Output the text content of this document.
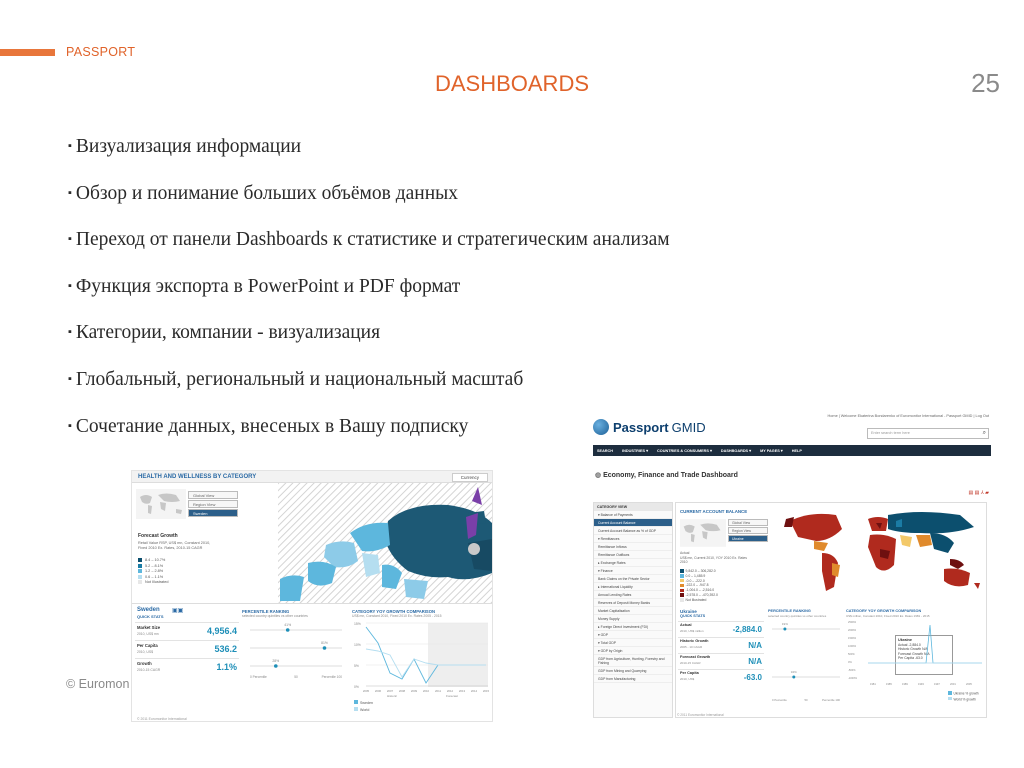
PASSPORT
DASHBOARDS	25
▪ Визуализация информации
▪ Обзор и понимание больших объёмов данных
▪ Переход от панели Dashboards к статистике и стратегическим анализам
▪ Функция экспорта в PowerPoint и PDF формат
▪ Категории, компании - визуализация
▪ Глобальный, региональный и национальный масштаб
▪ Сочетание данных, внесеных в Вашу подписку
© Euromon
HEALTH AND WELLNESS BY CATEGORY	Currency
Global View
Region View
Sweden
Forecast Growth
Retail Value RSP, US$ mn, Constant 2010,
Fixed 2010 Ex. Rates, 2010-15 CAGR
8.4 – 10.7%
5.2 – 8.1%
1.2 – 2.8%
0.6 – 1.1%
Not Illustrated
Sweden ▣▣
QUICK STATS
Market Size
2010, US$ mn	4,956.4
Per Capita
2010, US$	536.2
Growth
2010-15 CAGR	1.1%
PERCENTILE RANKING
selected country quintiles vs other countries
41%
81%
28%
0 Percentile	50	Percentile 100
CATEGORY YOY GROWTH COMPARISON
US$ mn, Constant 2010, Fixed 2010 Ex. Rates 2005 - 2015
15%
10%
5%
0%
2005 2006 2007 2008 2009 2010 2011 2012 2013 2014 2015
Historic	Forecast
Sweden
World
© 2011 Euromonitor International
Home | Welcome Ekaterina Bondarenko of Euromonitor International - Passport GMID | Log Out
Passport GMID	Enter search term here	⌕
SEARCH INDUSTRIES ▾ COUNTRIES & CONSUMERS ▾ DASHBOARDS ▾ MY PAGES ▾ HELP
◍ Economy, Finance and Trade Dashboard
▤ ▤ ⅄ ▰
CATEGORY VIEW
▾ Balance of Payments
Current Account Balance
Current Account Balance as % of GDP
▾ Remittances
Remittance Inflows
Remittance Outflows
▸ Exchange Rates
▾ Finance
Bank Claims on the Private Sector
▸ International Liquidity
Annual Lending Rates
Reserves of Deposit Money Banks
Market Capitalisation
Money Supply
▸ Foreign Direct Investment (FDI)
▾ GDP
▾ Total GDP
▾ GDP by Origin
GDP from Agriculture, Hunting, Forestry and Fishing
GDP from Mining and Quarrying
GDP from Manufacturing
CURRENT ACCOUNT BALANCE
Global View
Region View
Ukraine
Actual
US$ mn, Current 2010, YOY 2010 Ex. Rates
2010
9,842.0 – 306,282.0
0.0 – 1,485.9
-0.0 – -222.0
-222.0 – -947.8
-1,004.0 – -2,516.0
-2,578.0 – -470,392.0
Not Illustrated
Ukraine
Actual -2,884.0
Historic Growth N/A
Forecast Growth N/A
Per Capita -63.0
Ukraine
QUICK STATS
Actual
2010, US$ million	-2,884.0
Historic Growth
2005 - 10 CAGR	N/A
Forecast Growth
2010-15 CAGR	N/A
Per Capita
2010, US$	-63.0
PERCENTILE RANKING
selected country quintiles vs other countries
19%
32%
0 Percentile	50	Percentile 100
CATEGORY YOY GROWTH COMPARISON
US$ million, Constant 2010, Fixed 2010 Ex. Rates 1981 - 2015
2500%
2000%
1500%
1000%
500%
0%
-500%
-1000%
1981	1985	1989	1993	1997	2001	2005
Ukraine % growth
World % growth
© 2011 Euromonitor International
